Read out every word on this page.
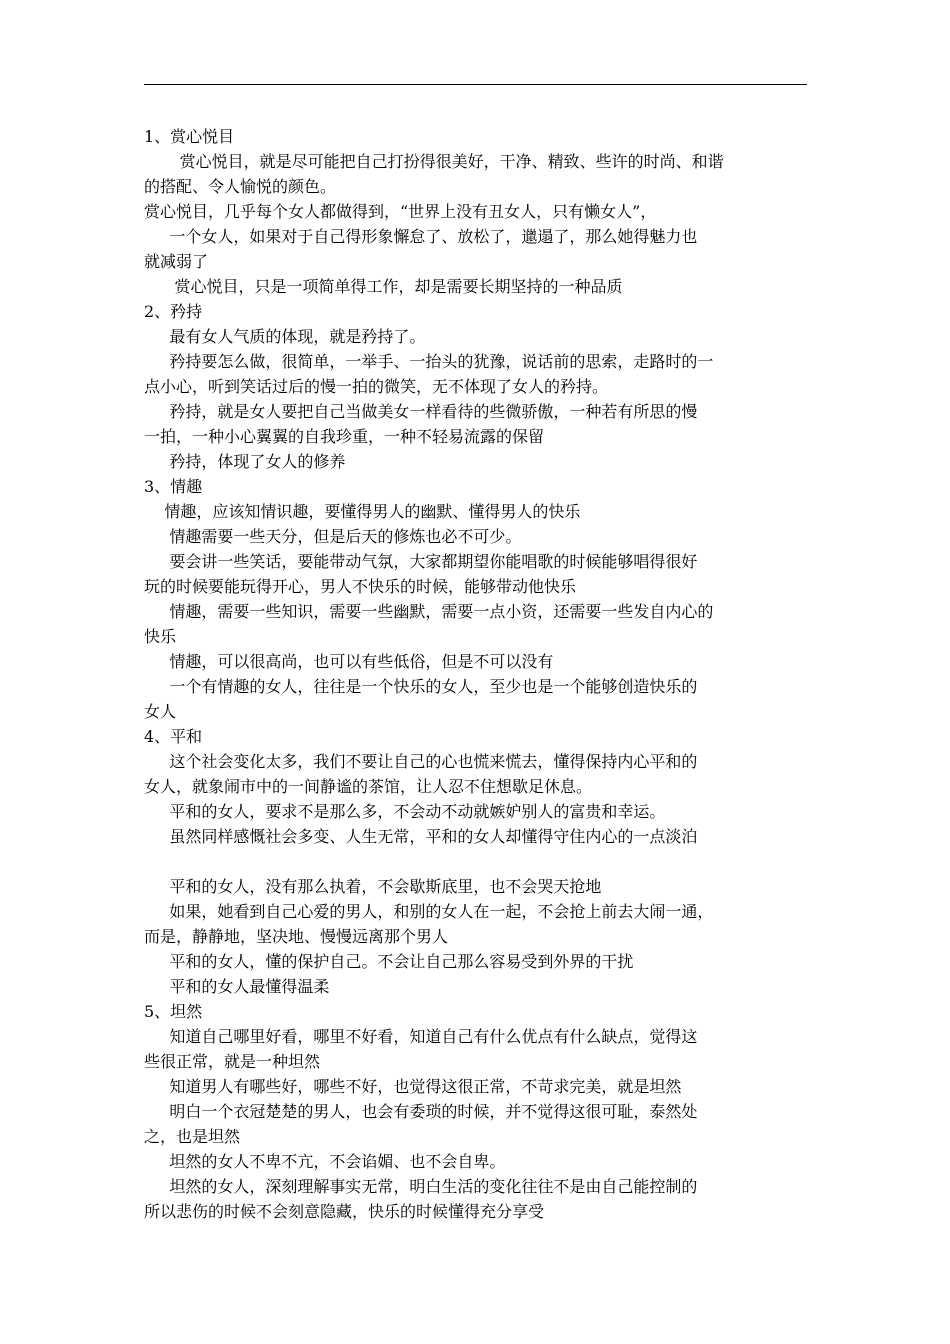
1、赏心悦目
赏心悦目，就是尽可能把自己打扮得很美好，干净、精致、些许的时尚、和谐
的搭配、令人愉悦的颜色。
赏心悦目，几乎每个女人都做得到，“世界上没有丑女人，只有懒女人”，
一个女人，如果对于自己得形象懈怠了、放松了，邋遢了，那么她得魅力也
就减弱了
赏心悦目，只是一项简单得工作，却是需要长期坚持的一种品质
2、矜持
最有女人气质的体现，就是矜持了。
矜持要怎么做，很简单，一举手、一抬头的犹豫，说话前的思索，走路时的一
点小心，听到笑话过后的慢一拍的微笑，无不体现了女人的矜持。
矜持，就是女人要把自己当做美女一样看待的些微骄傲，一种若有所思的慢
一拍，一种小心翼翼的自我珍重，一种不轻易流露的保留
矜持，体现了女人的修养
3、情趣
情趣，应该知情识趣，要懂得男人的幽默、懂得男人的快乐
情趣需要一些天分，但是后天的修炼也必不可少。
要会讲一些笑话，要能带动气氛，大家都期望你能唱歌的时候能够唱得很好
玩的时候要能玩得开心，男人不快乐的时候，能够带动他快乐
情趣，需要一些知识，需要一些幽默，需要一点小资，还需要一些发自内心的
快乐
情趣，可以很高尚，也可以有些低俗，但是不可以没有
一个有情趣的女人，往往是一个快乐的女人，至少也是一个能够创造快乐的
女人
4、平和
这个社会变化太多，我们不要让自己的心也慌来慌去，懂得保持内心平和的
女人，就象闹市中的一间静谧的茶馆，让人忍不住想歇足休息。
平和的女人，要求不是那么多，不会动不动就嫉妒别人的富贵和幸运。
虽然同样感慨社会多变、人生无常，平和的女人却懂得守住内心的一点淡泊
平和的女人，没有那么执着，不会歇斯底里，也不会哭天抢地
如果，她看到自己心爱的男人，和别的女人在一起，不会抢上前去大闹一通，
而是，静静地，坚决地、慢慢远离那个男人
平和的女人，懂的保护自己。不会让自己那么容易受到外界的干扰
平和的女人最懂得温柔
5、坦然
知道自己哪里好看，哪里不好看，知道自己有什么优点有什么缺点，觉得这
些很正常，就是一种坦然
知道男人有哪些好，哪些不好，也觉得这很正常，不苛求完美，就是坦然
明白一个衣冠楚楚的男人，也会有委琐的时候，并不觉得这很可耻，泰然处
之，也是坦然
坦然的女人不卑不亢，不会谄媚、也不会自卑。
坦然的女人，深刻理解事实无常，明白生活的变化往往不是由自己能控制的
所以悲伤的时候不会刻意隐藏，快乐的时候懂得充分享受
